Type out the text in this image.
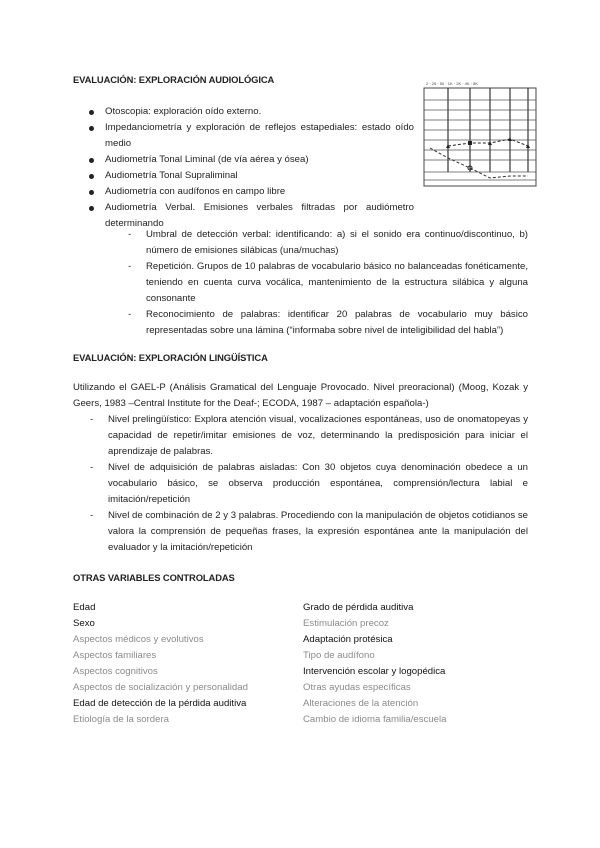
EVALUACIÓN: EXPLORACIÓN AUDIOLÓGICA	2 · 25 · 50 · 1K · 2K · 4K · 8K
Otoscopia: exploración oído externo.
Impedanciometría y exploración de reflejos estapediales: estado oído medio
Audiometría Tonal Liminal (de vía aérea y ósea)
Audiometría Tonal Supraliminal
Audiometría con audífonos en campo libre
Audiometría Verbal. Emisiones verbales filtradas por audiómetro determinando
- Umbral de detección verbal: identificando: a) si el sonido era continuo/discontinuo, b) número de emisiones silábicas (una/muchas)
- Repetición. Grupos de 10 palabras de vocabulario básico no balanceadas fonéticamente, teniendo en cuenta curva vocálica, mantenimiento de la estructura silábica y alguna consonante
- Reconocimiento de palabras: identificar 20 palabras de vocabulario muy básico representadas sobre una lámina (“informaba sobre nivel de inteligibilidad del habla”)
EVALUACIÓN: EXPLORACIÓN LINGÜÍSTICA
Utilizando el GAEL-P (Análisis Gramatical del Lenguaje Provocado. Nivel preoracional) (Moog, Kozak y Geers, 1983 –Central Institute for the Deaf-; ECODA, 1987 – adaptación española-)
- Nivel prelingüístico: Explora atención visual, vocalizaciones espontáneas, uso de onomatopeyas y capacidad de repetir/imitar emisiones de voz, determinando la predisposición para iniciar el aprendizaje de palabras.
- Nivel de adquisición de palabras aisladas: Con 30 objetos cuya denominación obedece a un vocabulario básico, se observa producción espontánea, comprensión/lectura labial e imitación/repetición
- Nivel de combinación de 2 y 3 palabras. Procediendo con la manipulación de objetos cotidianos se valora la comprensión de pequeñas frases, la expresión espontánea ante la manipulación del evaluador y la imitación/repetición
OTRAS VARIABLES CONTROLADAS
Edad
Sexo
Aspectos médicos y evolutivos
Aspectos familiares
Aspectos cognitivos
Aspectos de socialización y personalidad
Edad de detección de la pérdida auditiva
Etiología de la sordera
Grado de pérdida auditiva
Estimulación precoz
Adaptación protésica
Tipo de audífono
Intervención escolar y logopédica
Otras ayudas específicas
Alteraciones de la atención
Cambio de idioma familia/escuela
